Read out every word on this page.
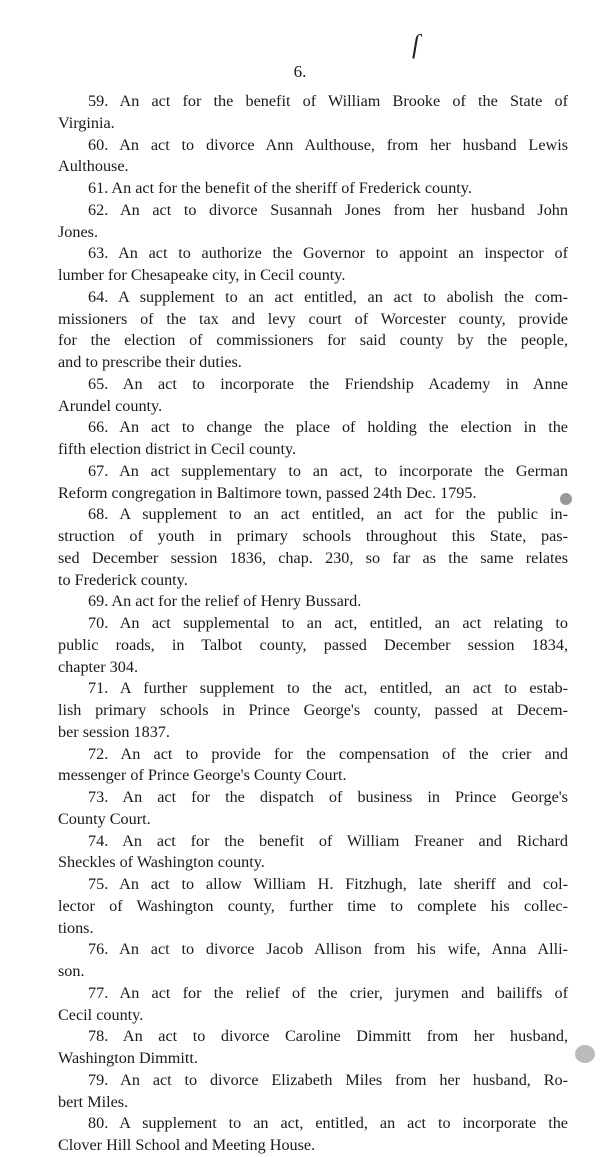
ſ
6.
59. An act for the benefit of William Brooke of the State of
Virginia.
60. An act to divorce Ann Aulthouse, from her husband Lewis
Aulthouse.
61. An act for the benefit of the sheriff of Frederick county.
62. An act to divorce Susannah Jones from her husband John
Jones.
63. An act to authorize the Governor to appoint an inspector of
lumber for Chesapeake city, in Cecil county.
64. A supplement to an act entitled, an act to abolish the com-
missioners of the tax and levy court of Worcester county, provide
for the election of commissioners for said county by the people,
and to prescribe their duties.
65. An act to incorporate the Friendship Academy in Anne
Arundel county.
66. An act to change the place of holding the election in the
fifth election district in Cecil county.
67. An act supplementary to an act, to incorporate the German
Reform congregation in Baltimore town, passed 24th Dec. 1795.
68. A supplement to an act entitled, an act for the public in-
struction of youth in primary schools throughout this State, pas-
sed December session 1836, chap. 230, so far as the same relates
to Frederick county.
69. An act for the relief of Henry Bussard.
70. An act supplemental to an act, entitled, an act relating to
public roads, in Talbot county, passed December session 1834,
chapter 304.
71. A further supplement to the act, entitled, an act to estab-
lish primary schools in Prince George's county, passed at Decem-
ber session 1837.
72. An act to provide for the compensation of the crier and
messenger of Prince George's County Court.
73. An act for the dispatch of business in Prince George's
County Court.
74. An act for the benefit of William Freaner and Richard
Sheckles of Washington county.
75. An act to allow William H. Fitzhugh, late sheriff and col-
lector of Washington county, further time to complete his collec-
tions.
76. An act to divorce Jacob Allison from his wife, Anna Alli-
son.
77. An act for the relief of the crier, jurymen and bailiffs of
Cecil county.
78. An act to divorce Caroline Dimmitt from her husband,
Washington Dimmitt.
79. An act to divorce Elizabeth Miles from her husband, Ro-
bert Miles.
80. A supplement to an act, entitled, an act to incorporate the
Clover Hill School and Meeting House.
